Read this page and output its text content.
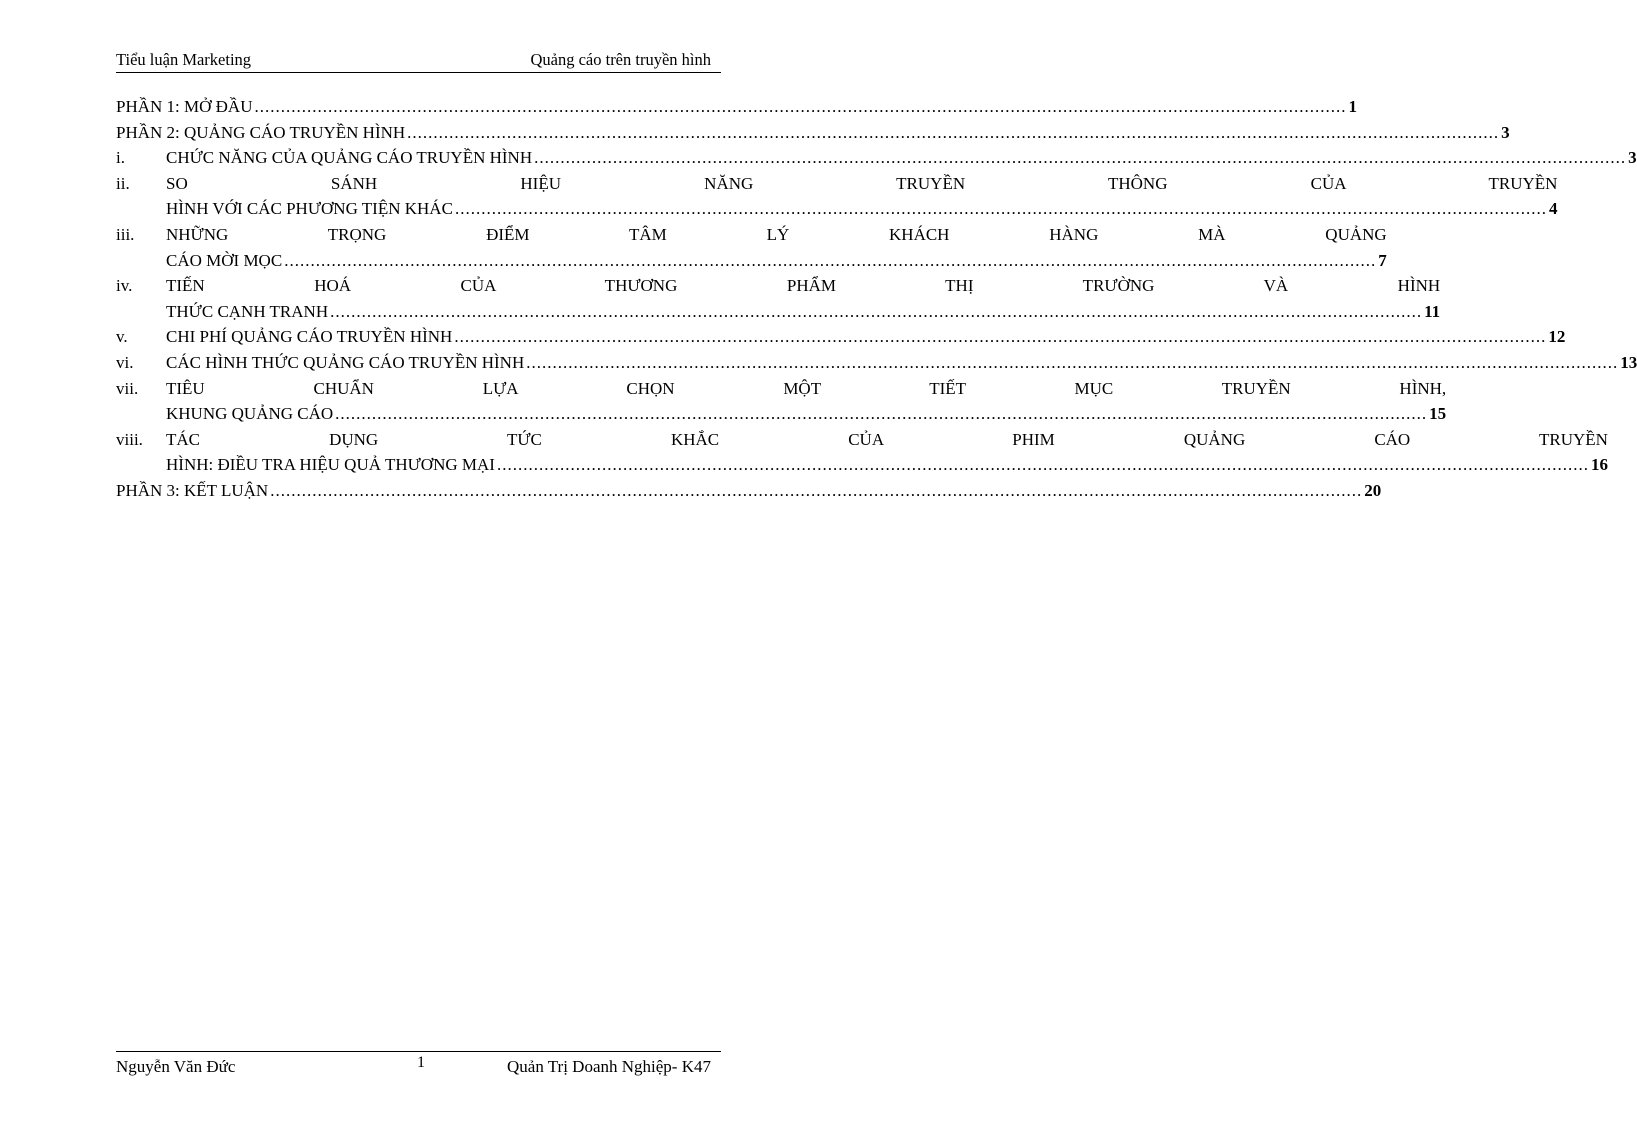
Tiểu luận Marketing	Quảng cáo trên truyền hình
PHẦN 1: MỞ ĐẦU .....	1
PHẦN 2: QUẢNG CÁO TRUYỀN HÌNH .....	3
i.	CHỨC NĂNG CỦA QUẢNG CÁO TRUYỀN HÌNH .....	3
ii.	SO SÁNH HIỆU NĂNG TRUYỀN THÔNG CỦA TRUYỀN
HÌNH VỚI CÁC PHƯƠNG TIỆN KHÁC .....	4
iii.	NHỮNG TRỌNG ĐIỂM TÂM LÝ KHÁCH HÀNG MÀ QUẢNG
CÁO MỜI MỌC .....	7
iv.	TIẾN HOÁ CỦA THƯƠNG PHẨM THỊ TRƯỜNG VÀ HÌNH
THỨC CẠNH TRANH .....	11
v.	CHI PHÍ QUẢNG CÁO TRUYỀN HÌNH .....	12
vi.	CÁC HÌNH THỨC QUẢNG CÁO TRUYỀN HÌNH .....	13
vii.	TIÊU CHUẨN LỰA CHỌN MỘT TIẾT MỤC TRUYỀN HÌNH,
KHUNG QUẢNG CÁO .....	15
viii.	TÁC DỤNG TỨC KHẮC CỦA PHIM QUẢNG CÁO TRUYỀN
HÌNH: ĐIỀU TRA HIỆU QUẢ THƯƠNG MẠI .....	16
PHẦN 3: KẾT LUẬN .....	20
Nguyễn Văn Đức	1	Quản Trị Doanh Nghiệp- K47
